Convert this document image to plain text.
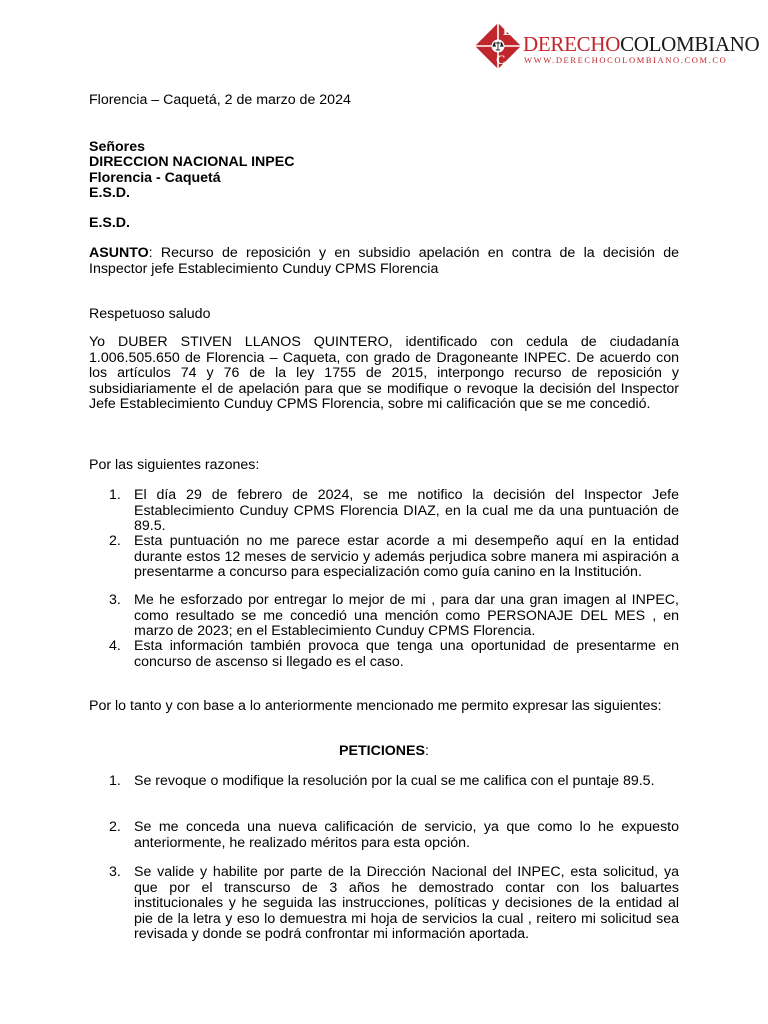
D
C
DERECHOCOLOMBIANO
WWW.DERECHOCOLOMBIANO.COM.CO

Florencia – Caquetá, 2 de marzo de 2024

Señores

DIRECCION NACIONAL INPEC

Florencia - Caquetá

E.S.D.

E.S.D.

ASUNTO: Recurso de reposición y en subsidio apelación en contra de la decisión de Inspector jefe Establecimiento Cunduy CPMS Florencia

Respetuoso saludo

Yo DUBER STIVEN LLANOS QUINTERO, identificado con cedula de ciudadanía 1.006.505.650 de Florencia – Caqueta, con grado de Dragoneante INPEC. De acuerdo con los artículos 74 y 76 de la ley 1755 de 2015, interpongo recurso de reposición y subsidiariamente el de apelación para que se modifique o revoque la decisión del Inspector Jefe Establecimiento Cunduy CPMS Florencia, sobre mi calificación que se me concedió.

Por las siguientes razones:

1. El día 29 de febrero de 2024, se me notifico la decisión del Inspector Jefe Establecimiento Cunduy CPMS Florencia DIAZ, en la cual me da una puntuación de 89.5.
2. Esta puntuación no me parece estar acorde a mi desempeño aquí en la entidad durante estos 12 meses de servicio y además perjudica sobre manera mi aspiración a presentarme a concurso para especialización como guía canino en la Institución.
3. Me he esforzado por entregar lo mejor de mi , para dar una gran imagen al INPEC, como resultado se me concedió una mención como PERSONAJE DEL MES , en marzo de 2023; en el Establecimiento Cunduy CPMS Florencia.
4. Esta información también provoca que tenga una oportunidad de presentarme en concurso de ascenso si llegado es el caso.

Por lo tanto y con base a lo anteriormente mencionado me permito expresar las siguientes:

PETICIONES:

1. Se revoque o modifique la resolución por la cual se me califica con el puntaje 89.5.
2. Se me conceda una nueva calificación de servicio, ya que como lo he expuesto anteriormente, he realizado méritos para esta opción.
3. Se valide y habilite por parte de la Dirección Nacional del INPEC, esta solicitud, ya que por el transcurso de 3 años he demostrado contar con los baluartes institucionales y he seguida las instrucciones, políticas y decisiones de la entidad al pie de la letra y eso lo demuestra mi hoja de servicios la cual , reitero mi solicitud sea revisada y donde se podrá confrontar mi información aportada.
